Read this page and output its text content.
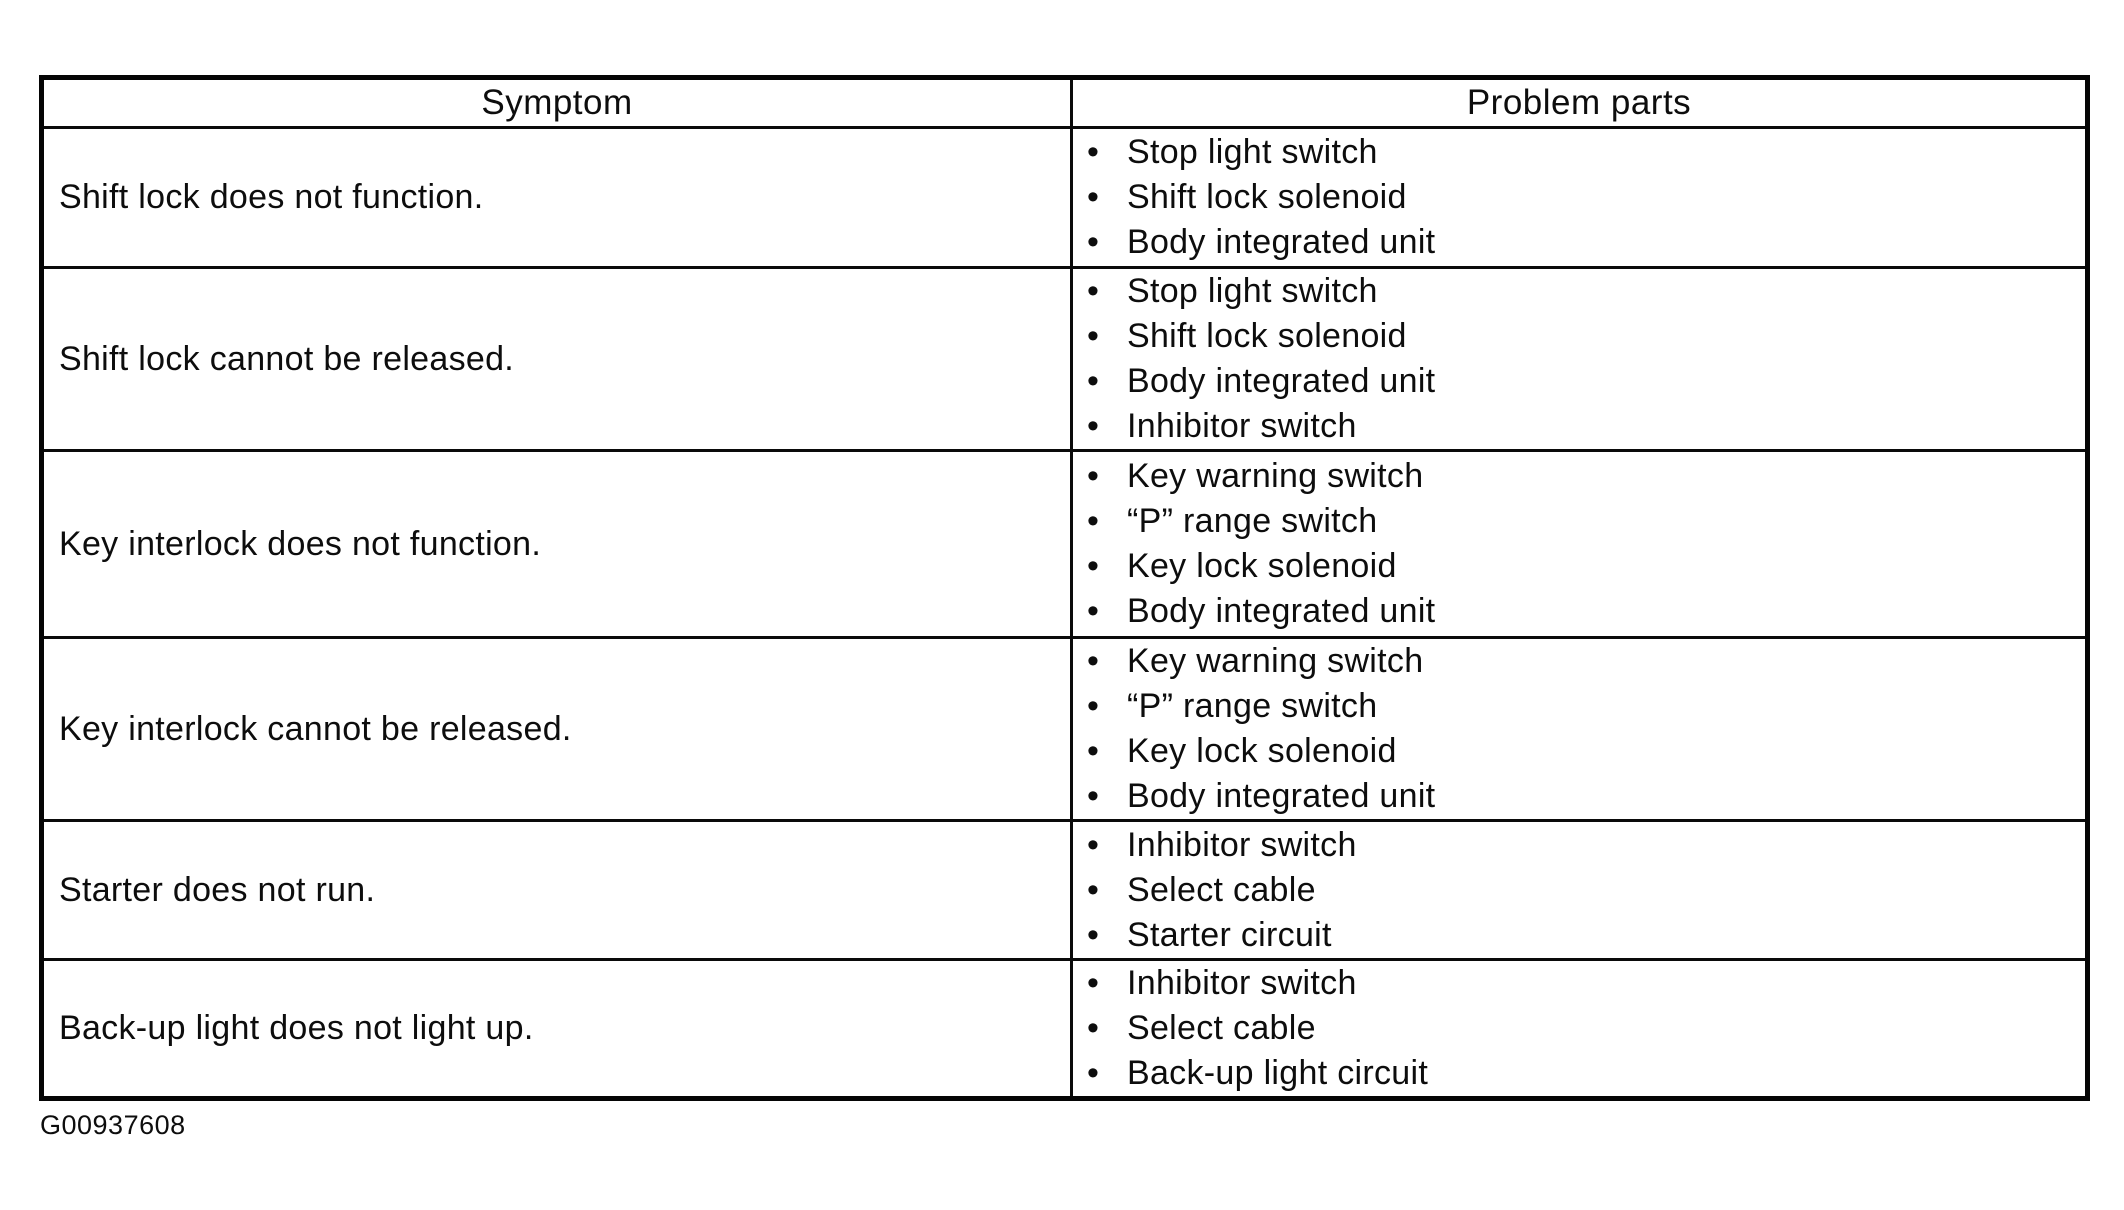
Symptom	Problem parts
Shift lock does not function.	
• Stop light switch
• Shift lock solenoid
• Body integrated unit

Shift lock cannot be released.	
• Stop light switch
• Shift lock solenoid
• Body integrated unit
• Inhibitor switch

Key interlock does not function.	
• Key warning switch
• “P” range switch
• Key lock solenoid
• Body integrated unit

Key interlock cannot be released.	
• Key warning switch
• “P” range switch
• Key lock solenoid
• Body integrated unit

Starter does not run.	
• Inhibitor switch
• Select cable
• Starter circuit

Back-up light does not light up.	
• Inhibitor switch
• Select cable
• Back-up light circuit
G00937608
